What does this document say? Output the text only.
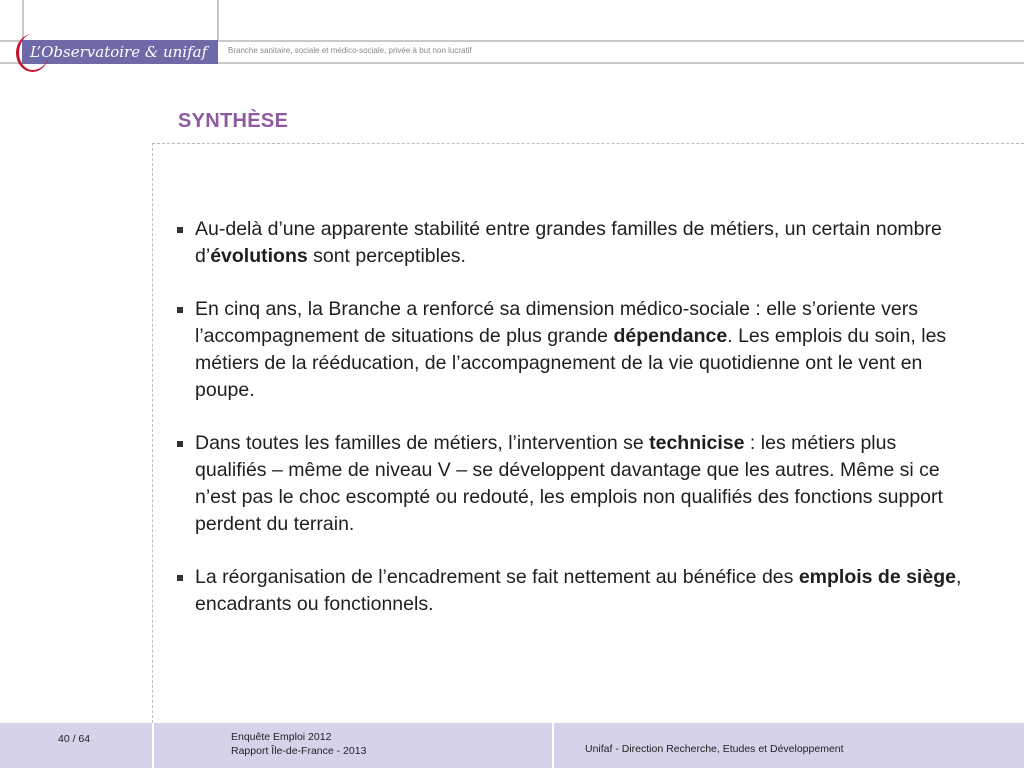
L’Observatoire & unifaf	Branche sanitaire, sociale et médico-sociale, privée à but non lucratif
SYNTHÈSE
Au-delà d’une apparente stabilité entre grandes familles de métiers, un certain nombre d’évolutions sont perceptibles.
En cinq ans, la Branche a renforcé sa dimension médico-sociale : elle s’oriente vers l’accompagnement de situations de plus grande dépendance. Les emplois du soin, les métiers de la rééducation, de l’accompagnement de la vie quotidienne ont le vent en poupe.
Dans toutes les familles de métiers, l’intervention se technicise : les métiers plus qualifiés – même de niveau V – se développent davantage que les autres. Même si ce n’est pas le choc escompté ou redouté, les emplois non qualifiés des fonctions support perdent du terrain.
La réorganisation de l’encadrement se fait nettement au bénéfice des emplois de siège, encadrants ou fonctionnels.
40 / 64	Enquête Emploi 2012
Rapport Île-de-France - 2013	Unifaf - Direction Recherche, Etudes et Développement
